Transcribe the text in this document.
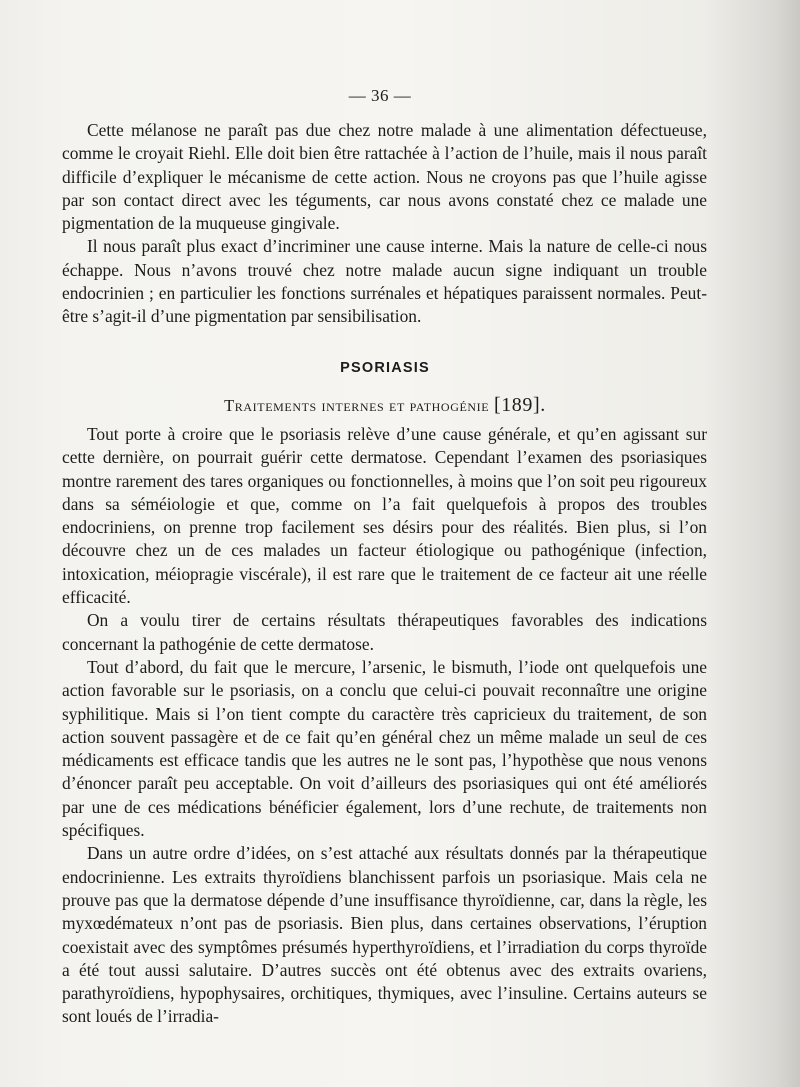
— 36 —

Cette mélanose ne paraît pas due chez notre malade à une alimentation défectueuse, comme le croyait Riehl. Elle doit bien être rattachée à l’action de l’huile, mais il nous paraît difficile d’expliquer le mécanisme de cette action. Nous ne croyons pas que l’huile agisse par son contact direct avec les téguments, car nous avons constaté chez ce malade une pigmentation de la muqueuse gingivale.

Il nous paraît plus exact d’incriminer une cause interne. Mais la nature de celle-ci nous échappe. Nous n’avons trouvé chez notre malade aucun signe indiquant un trouble endocrinien ; en particulier les fonctions surrénales et hépatiques paraissent normales. Peut-être s’agit-il d’une pigmentation par sensibilisation.

PSORIASIS
Traitements internes et pathogénie [189].

Tout porte à croire que le psoriasis relève d’une cause générale, et qu’en agissant sur cette dernière, on pourrait guérir cette dermatose. Cependant l’examen des psoriasiques montre rarement des tares organiques ou fonctionnelles, à moins que l’on soit peu rigoureux dans sa séméiologie et que, comme on l’a fait quelquefois à propos des troubles endocriniens, on prenne trop facilement ses désirs pour des réalités. Bien plus, si l’on découvre chez un de ces malades un facteur étiologique ou pathogénique (infection, intoxication, méiopragie viscérale), il est rare que le traitement de ce facteur ait une réelle efficacité.

On a voulu tirer de certains résultats thérapeutiques favorables des indications concernant la pathogénie de cette dermatose.

Tout d’abord, du fait que le mercure, l’arsenic, le bismuth, l’iode ont quelquefois une action favorable sur le psoriasis, on a conclu que celui-ci pouvait reconnaître une origine syphilitique. Mais si l’on tient compte du caractère très capricieux du traitement, de son action souvent passagère et de ce fait qu’en général chez un même malade un seul de ces médicaments est efficace tandis que les autres ne le sont pas, l’hypothèse que nous venons d’énoncer paraît peu acceptable. On voit d’ailleurs des psoriasiques qui ont été améliorés par une de ces médications bénéficier également, lors d’une rechute, de traitements non spécifiques.

Dans un autre ordre d’idées, on s’est attaché aux résultats donnés par la thérapeutique endocrinienne. Les extraits thyroïdiens blanchissent parfois un psoriasique. Mais cela ne prouve pas que la dermatose dépende d’une insuffisance thyroïdienne, car, dans la règle, les myxœdémateux n’ont pas de psoriasis. Bien plus, dans certaines observations, l’éruption coexistait avec des symptômes présumés hyperthyroïdiens, et l’irradiation du corps thyroïde a été tout aussi salutaire. D’autres succès ont été obtenus avec des extraits ovariens, parathyroïdiens, hypophysaires, orchitiques, thymiques, avec l’insuline. Certains auteurs se sont loués de l’irradia-
